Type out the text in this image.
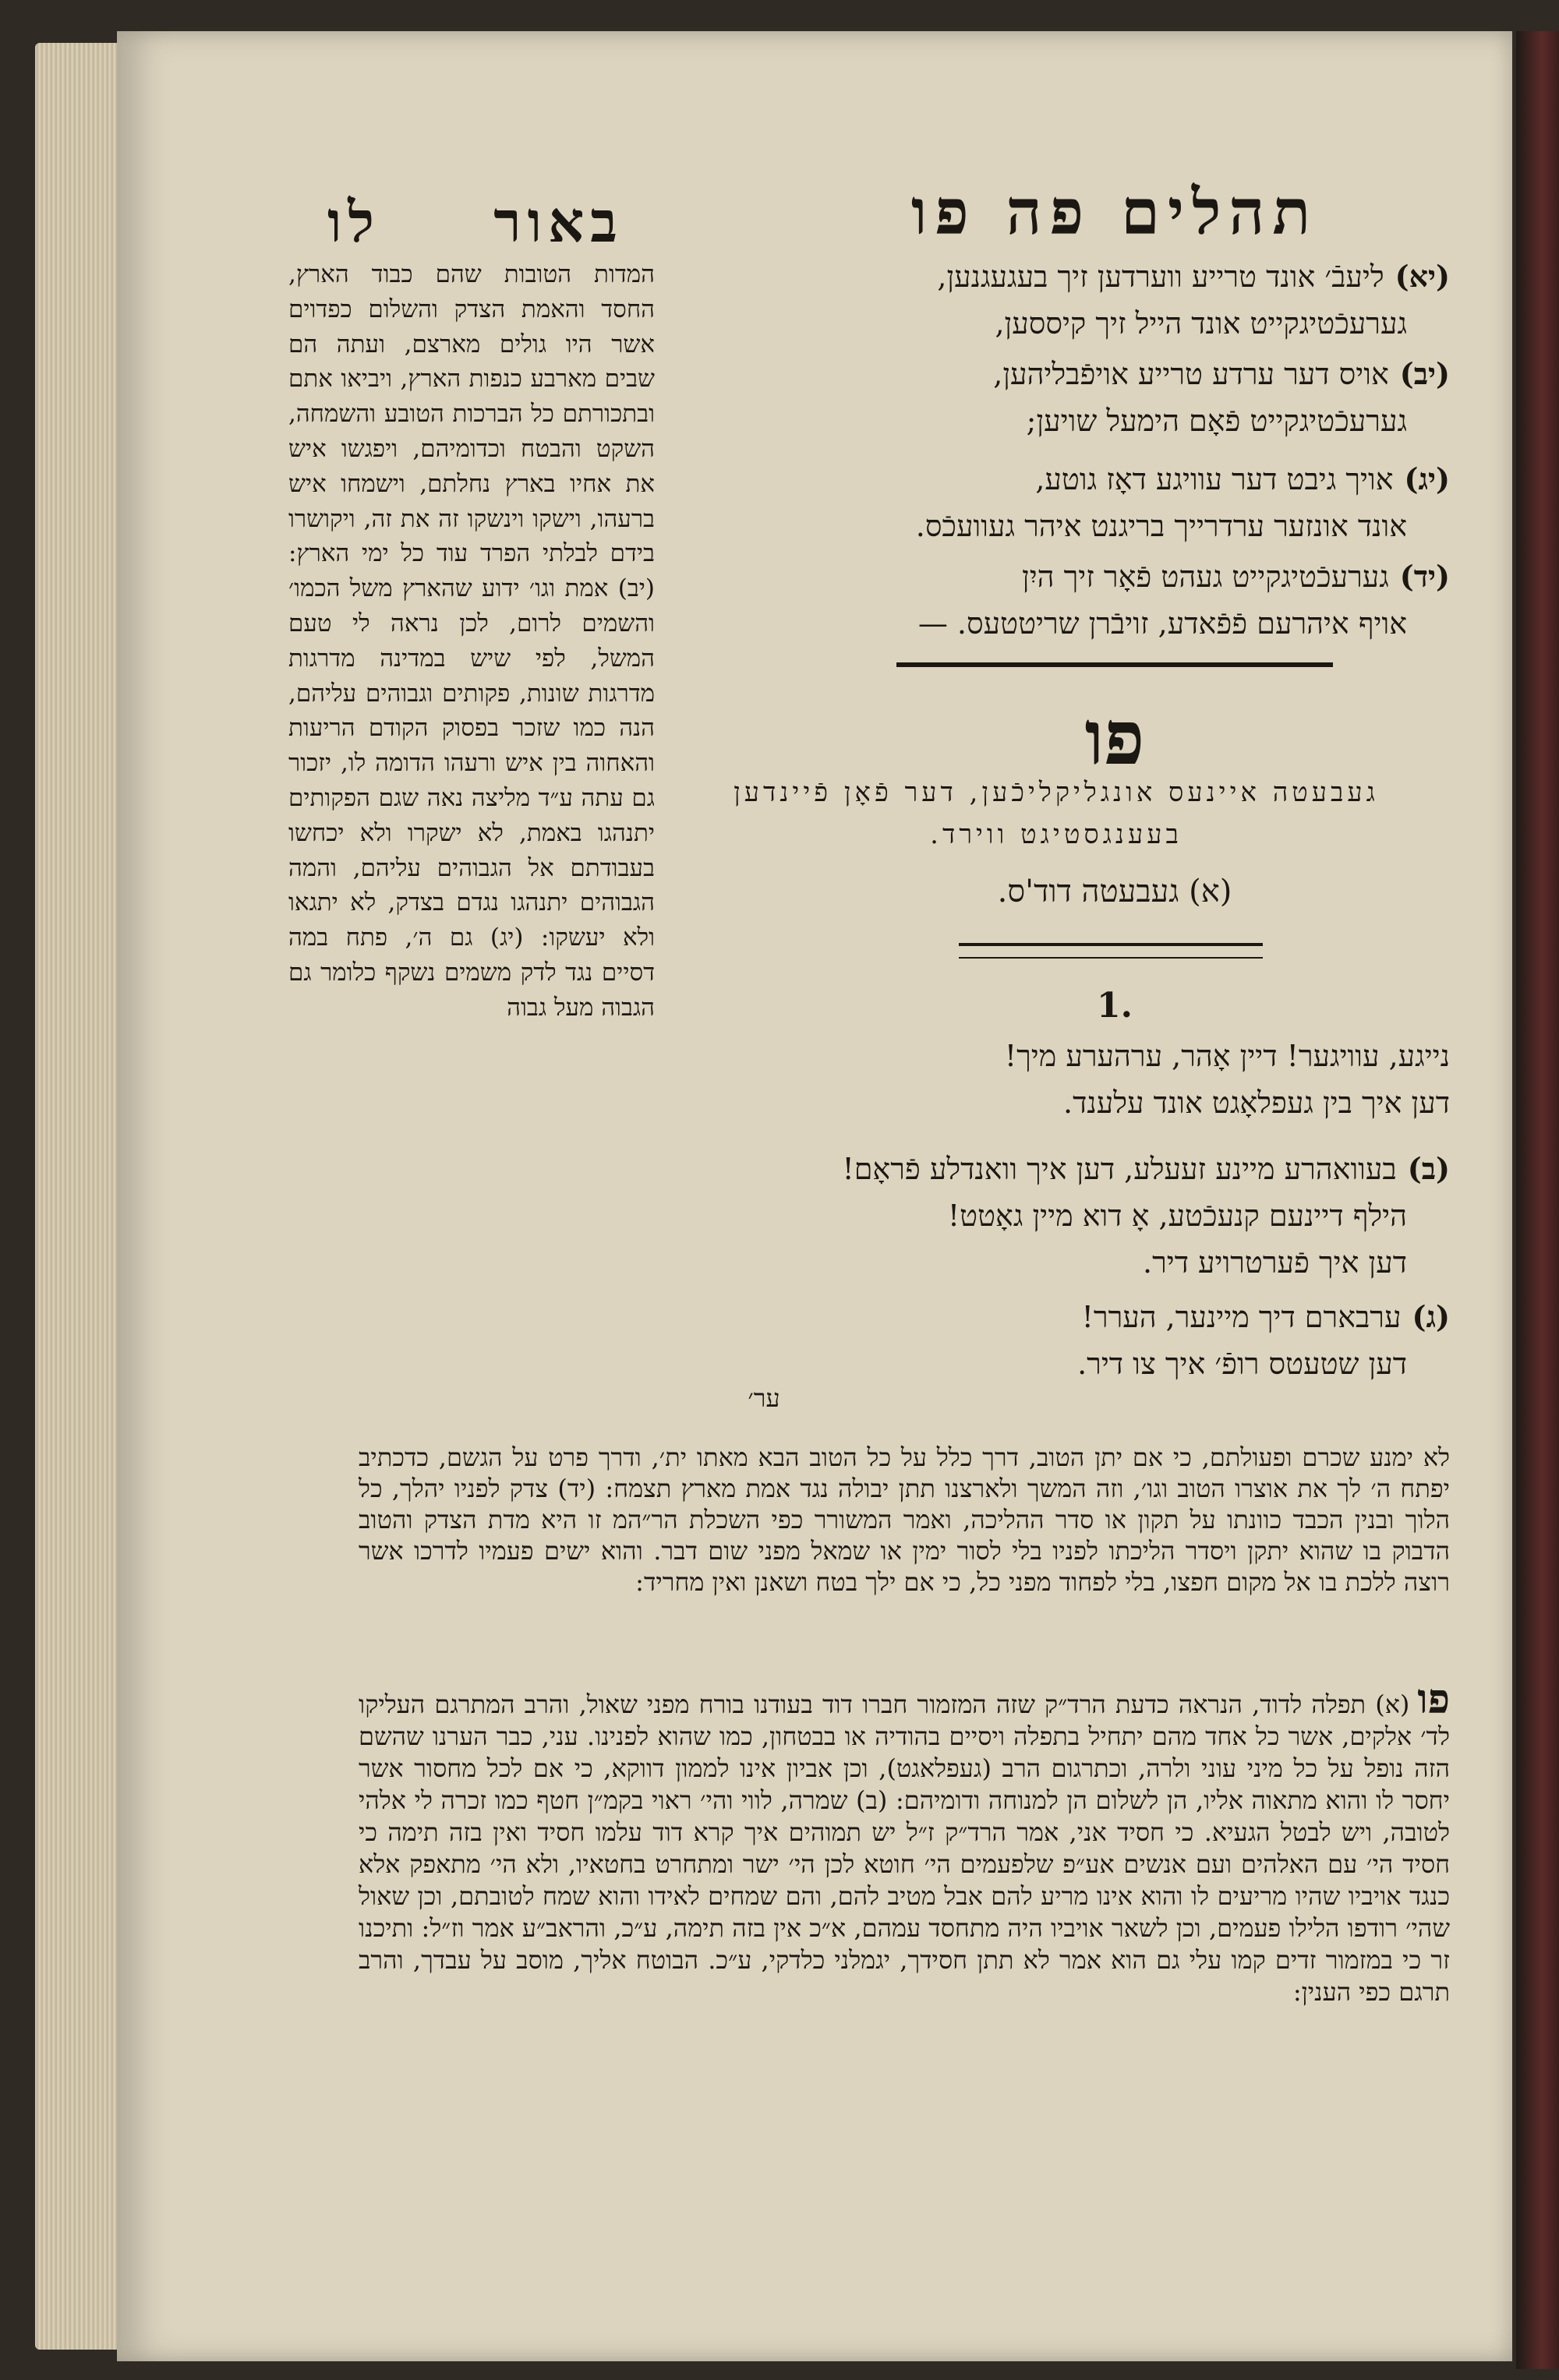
באור
לו	תהלים פה פו
המדות הטובות שהם כבוד הארץ, החסד והאמת הצדק והשלום כפדוים אשר היו גולים מארצם, ועתה הם שבים מארבע כנפות הארץ, ויביאו אתם ובתכורתם כל הברכות הטובע והשמחה, השקט והבטח וכדומיהם, ויפגשו איש את אחיו בארץ נחלתם, וישמחו איש ברעהו, וישקו וינשקו זה את זה, ויקושרו בידם לבלתי הפרד עוד כל ימי הארץ: (יב) אמת וגו׳ ידוע שהארץ משל הכמו׳ והשמים לרום, לכן נראה לי טעם המשל, לפי שיש במדינה מדרגות מדרגות שונות, פקותים וגבוהים עליהם, הנה כמו שזכר בפסוק הקודם הריעות והאחוה בין איש ורעהו הדומה לו, יזכור גם עתה ע״ד מליצה נאה שגם הפקותים יתנהגו באמת, לא ישקרו ולא יכחשו בעבודתם אל הגבוהים עליהם, והמה הגבוהים יתנהגו נגדם בצדק, לא יתגאו ולא יעשקו: (יג) גם ה׳, פתח במה דסיים נגד לדק משמים נשקף כלומר גם הגבוה מעל גבוה
(יא)ליעבֿ׳ אונד טרייע ווערדען זיך בעגעגנען,
גערעכֿטיגקייט אונד הייל זיך קיססען,
(יב)אויס דער ערדע טרייע אויפֿבליהען,
גערעכֿטיגקייט פֿאָם הימעל שויען;
(יג)אויך גיבט דער עוויגע דאָז גוטע,
אונד אונזער ערדרייך בריגנט איהר געוועכֿס.
(יד)גערעכֿטיגקייט געהט פֿאָר זיך היִן
אויף איהרעם פֿפֿאדע, זויבֿרן שריטטעס. —
פו
געבעטה איינעס אונגליקליכֿען, דער פֿאָן פֿיינדען
בעענגסטיגט ווירד.
(א) געבעטה דוד'ס.
1.
נייגע, עוויגער! דיין אָהר, ערהערע מיך!
דען איך בין געפלאָגט אונד עלענד.
(ב)בעוואהרע מיינע זעעלע, דען איך וואנדלע פֿראָם!
הילף דיינעם קנעכֿטע, אָ דוא מיין גאָטט!
דען איך פֿערטרויע דיר.
(ג)ערבארם דיך מיינער, הערר!
דען שטעטס רופֿ׳ איך צו דיר.
ער׳
לא ימנע שכרם ופעולתם, כי אם יתן הטוב, דרך כלל על כל הטוב הבא מאתו ית׳, ודרך פרט על הגשם, כדכתיב יפתח ה׳ לך את אוצרו הטוב וגו׳, וזה המשך ולארצנו תתן יבולה נגד אמת מארץ תצמח: (יד) צדק לפניו יהלך, כל הלוך ובנין הכבד כוונתו על תקון או סדר ההליכה, ואמר המשורר כפי השכלת הר״המ זו היא מדת הצדק והטוב הדבוק בו שהוא יתקן ויסדר הליכתו לפניו בלי לסור ימין או שמאל מפני שום דבר. והוא ישים פעמיו לדרכו אשר רוצה ללכת בו אל מקום חפצו, בלי לפחוד מפני כל, כי אם ילך בטח ושאנן ואין מחריד:
פו(א) תפלה לדוד, הנראה כדעת הרד״ק שזה המזמור חברו דוד בעודנו בורח מפני שאול, והרב המתרגם העליקו לד׳ אלקים, אשר כל אחד מהם יתחיל בתפלה ויסיים בהודיה או בבטחון, כמו שהוא לפנינו. עני, כבר הערנו שהשם הזה נופל על כל מיני עוני ולרה, וכתרגום הרב (געפלאגט), וכן אביון אינו לממון דווקא, כי אם לכל מחסור אשר יחסר לו והוא מתאוה אליו, הן לשלום הן למנוחה ודומיהם: (ב) שמרה, לווי והי׳ ראוי בקמ״ן חטף כמו זכרה לי אלהי לטובה, ויש לבטל הגעיא. כי חסיד אני, אמר הרד״ק ז״ל יש תמוהים איך קרא דוד עלמו חסיד ואין בזה תימה כי חסיד הי׳ עם האלהים ועם אנשים אע״פ שלפעמים הי׳ חוטא לכן הי׳ ישר ומתחרט בחטאיו, ולא הי׳ מתאפק אלא כנגד אויביו שהיו מריעים לו והוא אינו מריע להם אבל מטיב להם, והם שמחים לאידו והוא שמח לטובתם, וכן שאול שהי׳ רודפו הלילו פעמים, וכן לשאר אויביו היה מתחסד עמהם, א״כ אין בזה תימה, ע״כ, והראב״ע אמר וז״ל: ותיכנו זר כי במזמור זדים קמו עלי גם הוא אמר לא תתן חסידך, יגמלני כלדקי, ע״כ. הבוטח אליך, מוסב על עבדך, והרב תרגם כפי הענין:
